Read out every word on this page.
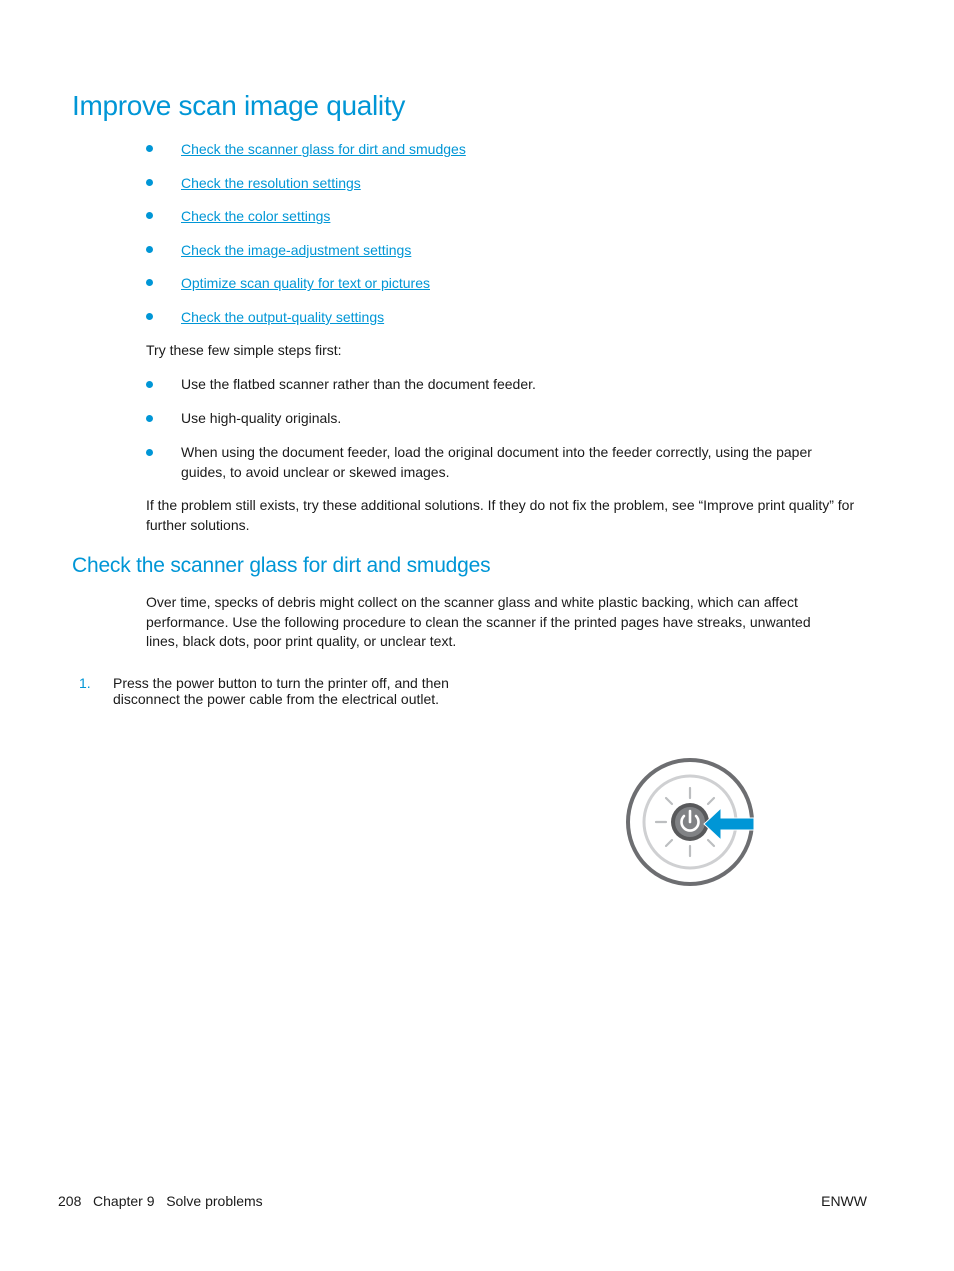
Improve scan image quality
Check the scanner glass for dirt and smudges
Check the resolution settings
Check the color settings
Check the image-adjustment settings
Optimize scan quality for text or pictures
Check the output-quality settings

Try these few simple steps first:

Use the flatbed scanner rather than the document feeder.
Use high-quality originals.
When using the document feeder, load the original document into the feeder correctly, using the paper guides, to avoid unclear or skewed images.

If the problem still exists, try these additional solutions. If they do not fix the problem, see “Improve print quality” for further solutions.

Check the scanner glass for dirt and smudges

Over time, specks of debris might collect on the scanner glass and white plastic backing, which can affect performance. Use the following procedure to clean the scanner if the printed pages have streaks, unwanted lines, black dots, poor print quality, or unclear text.

1. Press the power button to turn the printer off, and then disconnect the power cable from the electrical outlet.
208 Chapter 9 Solve problems	ENWW
